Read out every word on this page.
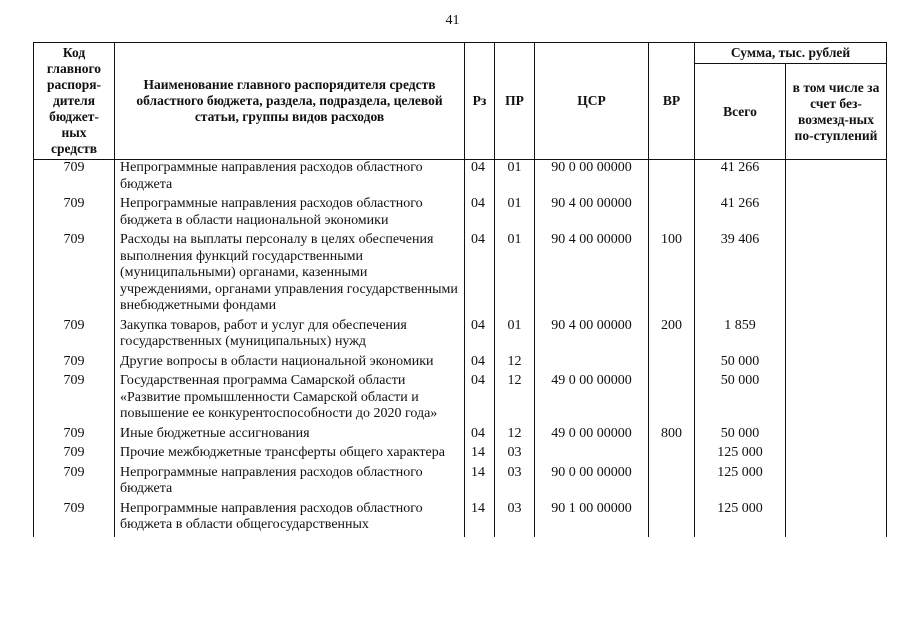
41
Код главного распоря-дителя бюджет-ных средств	Наименование главного распорядителя средств областного бюджета, раздела, подраздела, целевой статьи, группы видов расходов	Рз	ПР	ЦСР	ВР	Сумма, тыс. рублей	
						Всего	в том числе за счет без-возмезд-ных по-ступлений
709	Непрограммные направления расходов областного бюджета	04	01	90 0 00 00000		41 266	
709	Непрограммные направления расходов областного бюджета в области национальной экономики	04	01	90 4 00 00000		41 266	
709	Расходы на выплаты персоналу в целях обеспечения выполнения функций государственными (муниципальными) органами, казенными учреждениями, органами управления государственными внебюджетными фондами	04	01	90 4 00 00000	100	39 406	
709	Закупка товаров, работ и услуг для обеспечения государственных (муниципальных) нужд	04	01	90 4 00 00000	200	1 859	
709	Другие вопросы в области национальной экономики	04	12			50 000	
709	Государственная программа Самарской области «Развитие промышленности Самарской области и повышение ее конкурентоспособности до 2020 года»	04	12	49 0 00 00000		50 000	
709	Иные бюджетные ассигнования	04	12	49 0 00 00000	800	50 000	
709	Прочие межбюджетные трансферты общего характера	14	03			125 000	
709	Непрограммные направления расходов областного бюджета	14	03	90 0 00 00000		125 000	
709	Непрограммные направления расходов областного бюджета в области общегосударственных	14	03	90 1 00 00000		125 000	
